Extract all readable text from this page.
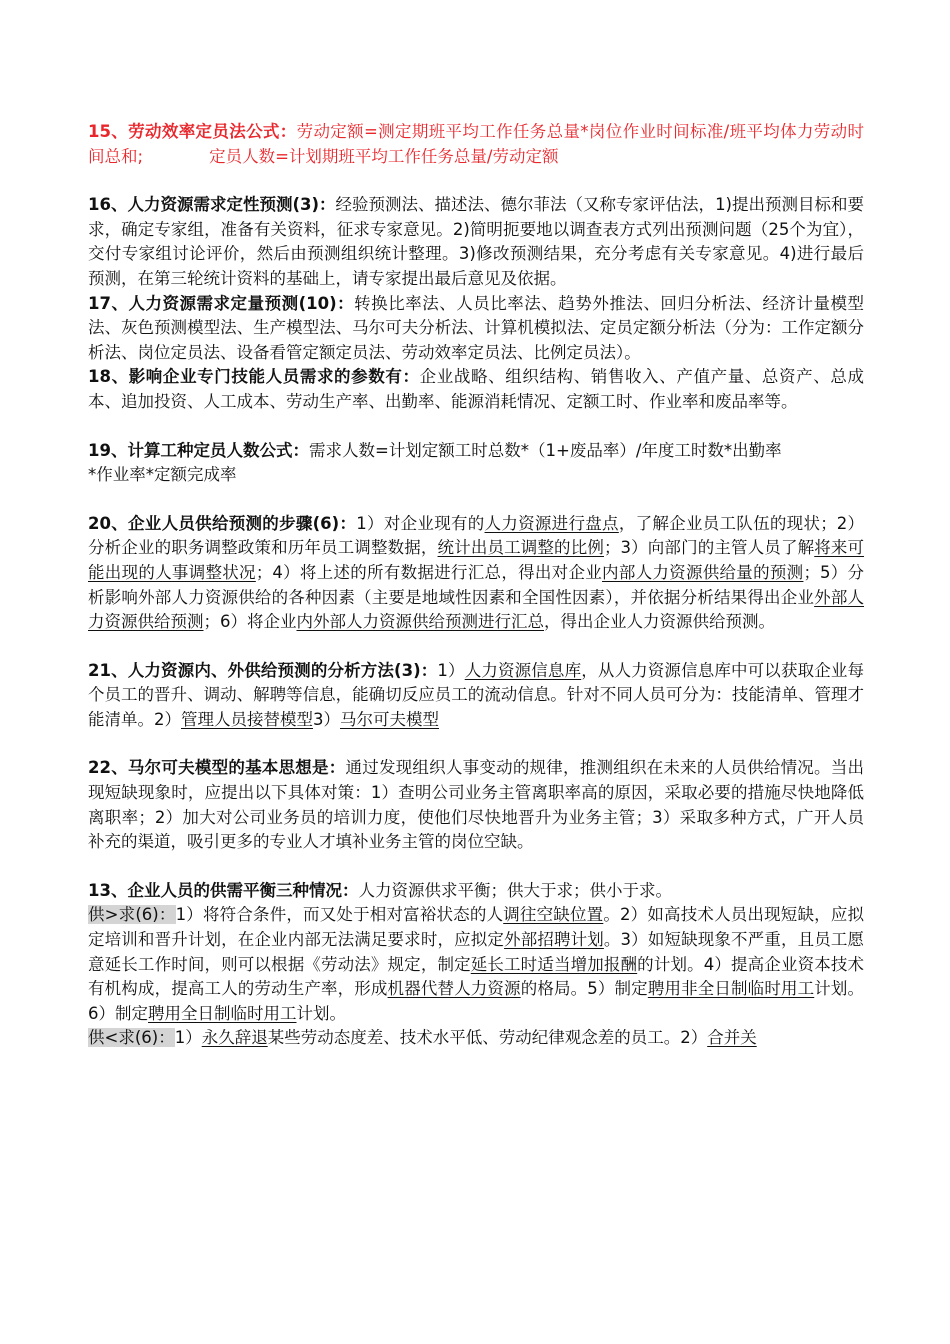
15、劳动效率定员法公式：劳动定额=测定期班平均工作任务总量*岗位作业时间标准/班平均体力劳动时间总和;	定员人数=计划期班平均工作任务总量/劳动定额

16、人力资源需求定性预测(3)：经验预测法、描述法、德尔菲法（又称专家评估法，1)提出预测目标和要求，确定专家组，准备有关资料，征求专家意见。2)简明扼要地以调查表方式列出预测问题（25个为宜），交付专家组讨论评价，然后由预测组织统计整理。3)修改预测结果，充分考虑有关专家意见。4)进行最后预测，在第三轮统计资料的基础上，请专家提出最后意见及依据。

17、人力资源需求定量预测(10)：转换比率法、人员比率法、趋势外推法、回归分析法、经济计量模型法、灰色预测模型法、生产模型法、马尔可夫分析法、计算机模拟法、定员定额分析法（分为：工作定额分析法、岗位定员法、设备看管定额定员法、劳动效率定员法、比例定员法）。

18、影响企业专门技能人员需求的参数有：企业战略、组织结构、销售收入、产值产量、总资产、总成本、追加投资、人工成本、劳动生产率、出勤率、能源消耗情况、定额工时、作业率和废品率等。

19、计算工种定员人数公式：需求人数=计划定额工时总数*（1+废品率）/年度工时数*出勤率

*作业率*定额完成率

20、企业人员供给预测的步骤(6)：1）对企业现有的人力资源进行盘点，了解企业员工队伍的现状；2）分析企业的职务调整政策和历年员工调整数据，统计出员工调整的比例；3）向部门的主管人员了解将来可能出现的人事调整状况；4）将上述的所有数据进行汇总，得出对企业内部人力资源供给量的预测；5）分析影响外部人力资源供给的各种因素（主要是地域性因素和全国性因素），并依据分析结果得出企业外部人力资源供给预测；6）将企业内外部人力资源供给预测进行汇总，得出企业人力资源供给预测。

21、人力资源内、外供给预测的分析方法(3)：1）人力资源信息库，从人力资源信息库中可以获取企业每个员工的晋升、调动、解聘等信息，能确切反应员工的流动信息。针对不同人员可分为：技能清单、管理才能清单。2）管理人员接替模型3）马尔可夫模型

22、马尔可夫模型的基本思想是：通过发现组织人事变动的规律，推测组织在未来的人员供给情况。当出现短缺现象时，应提出以下具体对策：1）查明公司业务主管离职率高的原因，采取必要的措施尽快地降低离职率；2）加大对公司业务员的培训力度，使他们尽快地晋升为业务主管；3）采取多种方式，广开人员补充的渠道，吸引更多的专业人才填补业务主管的岗位空缺。

13、企业人员的供需平衡三种情况：人力资源供求平衡；供大于求；供小于求。

供>求(6)：1）将符合条件，而又处于相对富裕状态的人调往空缺位置。2）如高技术人员出现短缺，应拟定培训和晋升计划，在企业内部无法满足要求时，应拟定外部招聘计划。3）如短缺现象不严重，且员工愿意延长工作时间，则可以根据《劳动法》规定，制定延长工时适当增加报酬的计划。4）提高企业资本技术有机构成，提高工人的劳动生产率，形成机器代替人力资源的格局。5）制定聘用非全日制临时用工计划。6）制定聘用全日制临时用工计划。

供<求(6)：1）永久辞退某些劳动态度差、技术水平低、劳动纪律观念差的员工。2）合并关
